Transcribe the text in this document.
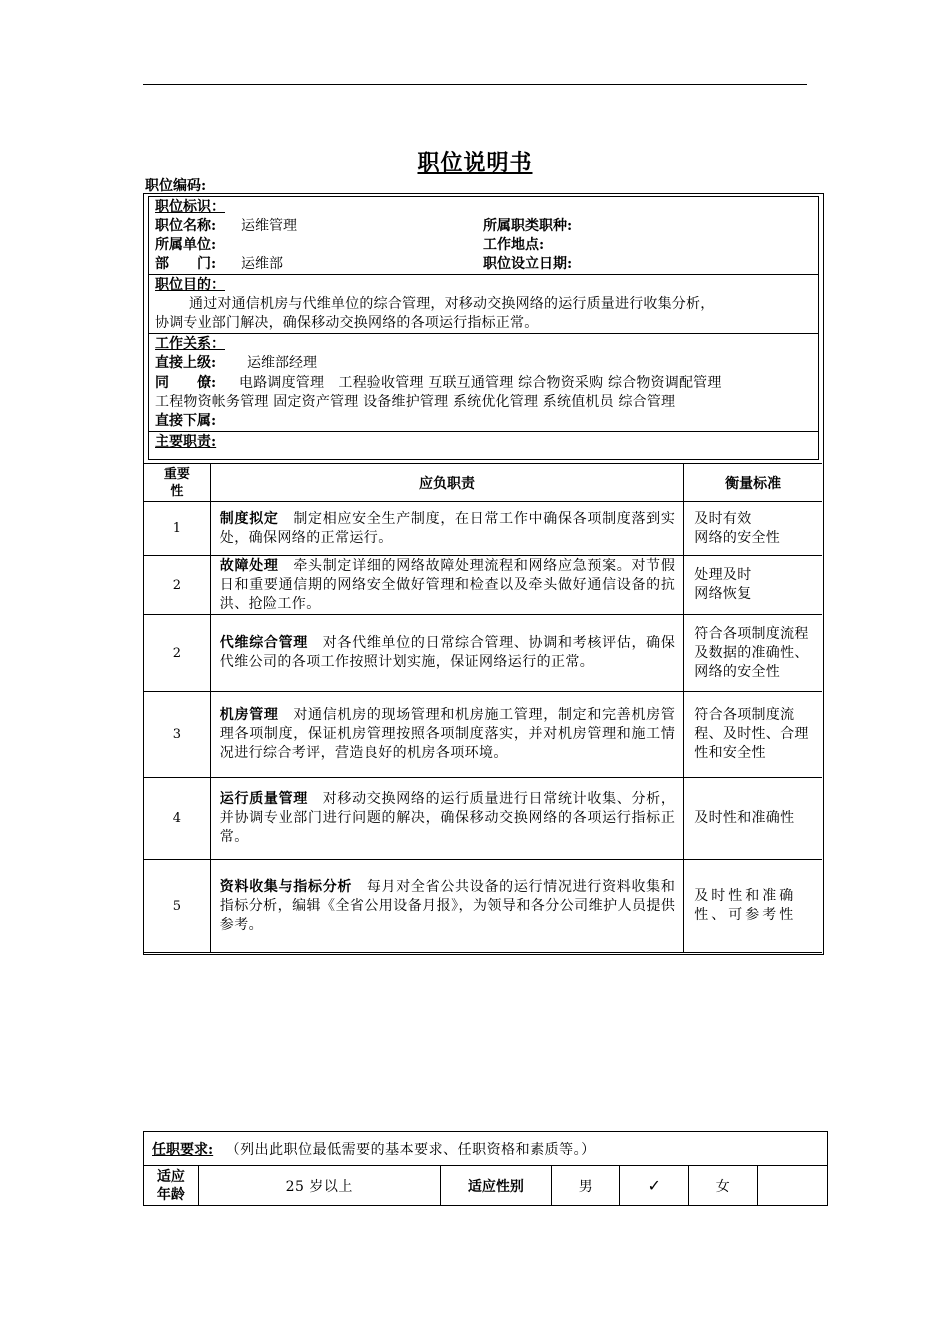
职位说明书
职位编码:
职位标识：
职位名称: 运维管理	所属职类职种:
所属单位:	工作地点:
部　　门: 运维部	职位设立日期:
职位目的：
通过对通信机房与代维单位的综合管理，对移动交换网络的运行质量进行收集分析，
协调专业部门解决，确保移动交换网络的各项运行指标正常。
工作关系：
直接上级: 运维部经理
同　　僚: 电路调度管理　工程验收管理 互联互通管理 综合物资采购 综合物资调配管理
工程物资帐务管理 固定资产管理 设备维护管理 系统优化管理 系统值机员 综合管理
直接下属:
主要职责:
重要
性	应负职责	衡量标准
1	制度拟定　 制定相应安全生产制度，在日常工作中确保各项制度落到实处，确保网络的正常运行。	及时有效
网络的安全性

2	故障处理　 牵头制定详细的网络故障处理流程和网络应急预案。对节假日和重要通信期的网络安全做好管理和检查以及牵头做好通信设备的抗洪、抢险工作。	处理及时
网络恢复

2	代维综合管理　 对各代维单位的日常综合管理、协调和考核评估，确保代维公司的各项工作按照计划实施，保证网络运行的正常。	符合各项制度流程及数据的准确性、网络的安全性

3	机房管理　 对通信机房的现场管理和机房施工管理，制定和完善机房管理各项制度，保证机房管理按照各项制度落实，并对机房管理和施工情况进行综合考评，营造良好的机房各项环境。	符合各项制度流程、及时性、合理性和安全性

4	运行质量管理　 对移动交换网络的运行质量进行日常统计收集、分析，并协调专业部门进行问题的解决，确保移动交换网络的各项运行指标正常。	及时性和准确性

5	资料收集与指标分析　 每月对全省公共设备的运行情况进行资料收集和指标分析，编辑《全省公用设备月报》，为领导和各分公司维护人员提供参考。	及时性和准确性、可参考性
任职要求: （列出此职位最低需要的基本要求、任职资格和素质等。）

适应
年龄	25 岁以上	适应性别	男	✓	女	
